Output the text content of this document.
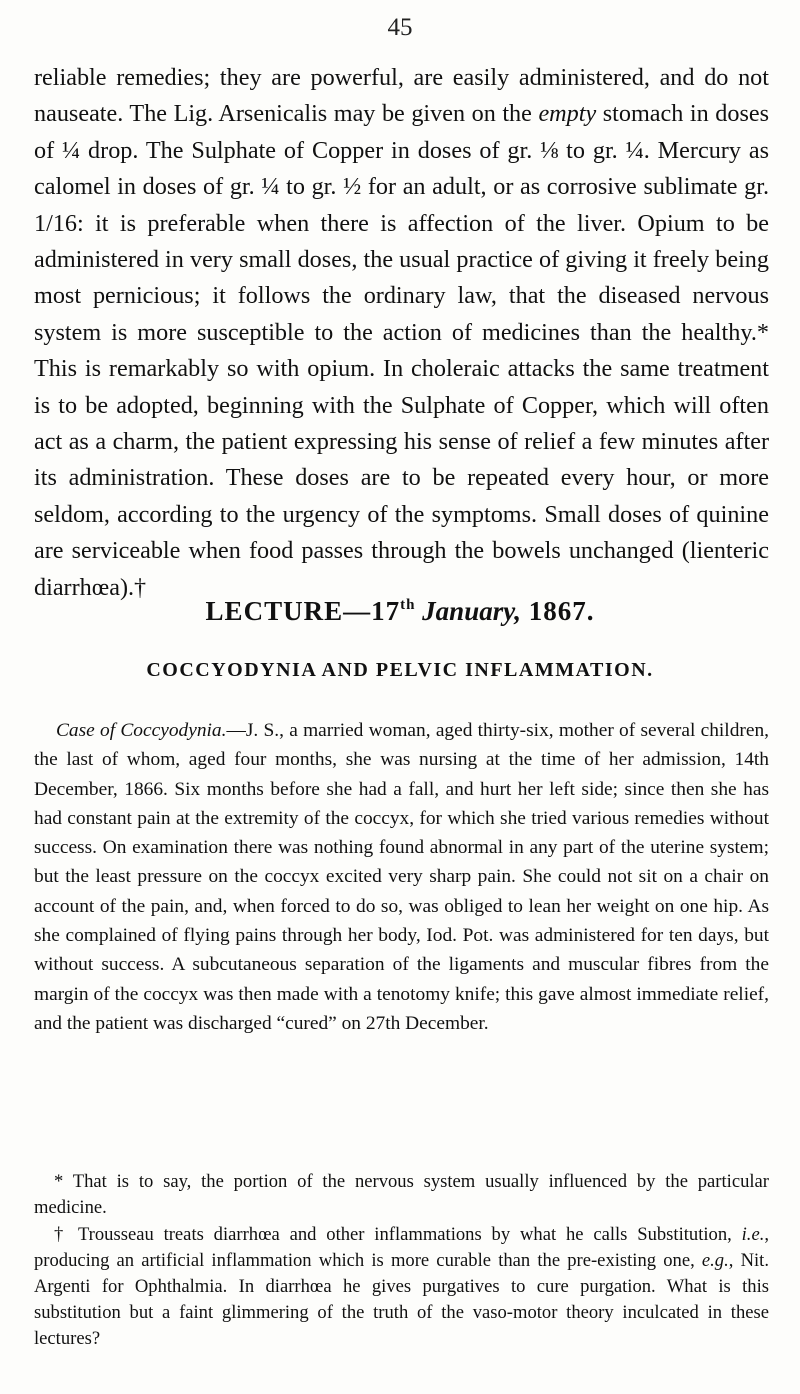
45

reliable remedies; they are powerful, are easily administered, and do not nauseate. The Lig. Arsenicalis may be given on the empty stomach in doses of ¼ drop. The Sulphate of Copper in doses of gr. ⅛ to gr. ¼. Mercury as calomel in doses of gr. ¼ to gr. ½ for an adult, or as corrosive sublimate gr. 1/16: it is preferable when there is affection of the liver. Opium to be administered in very small doses, the usual practice of giving it freely being most pernicious; it follows the ordinary law, that the diseased nervous system is more susceptible to the action of medicines than the healthy.* This is remarkably so with opium. In choleraic attacks the same treatment is to be adopted, beginning with the Sulphate of Copper, which will often act as a charm, the patient expressing his sense of relief a few minutes after its administration. These doses are to be repeated every hour, or more seldom, according to the urgency of the symptoms. Small doses of quinine are serviceable when food passes through the bowels unchanged (lienteric diarrhœa).†

LECTURE—17th January, 1867.
COCCYODYNIA AND PELVIC INFLAMMATION.

Case of Coccyodynia.—J. S., a married woman, aged thirty-six, mother of several children, the last of whom, aged four months, she was nursing at the time of her admission, 14th December, 1866. Six months before she had a fall, and hurt her left side; since then she has had constant pain at the extremity of the coccyx, for which she tried various remedies without success. On examination there was nothing found abnormal in any part of the uterine system; but the least pressure on the coccyx excited very sharp pain. She could not sit on a chair on account of the pain, and, when forced to do so, was obliged to lean her weight on one hip. As she complained of flying pains through her body, Iod. Pot. was administered for ten days, but without success. A subcutaneous separation of the ligaments and muscular fibres from the margin of the coccyx was then made with a tenotomy knife; this gave almost immediate relief, and the patient was discharged “cured” on 27th December.

* That is to say, the portion of the nervous system usually influenced by the particular medicine.

† Trousseau treats diarrhœa and other inflammations by what he calls Substitution, i.e., producing an artificial inflammation which is more curable than the pre-existing one, e.g., Nit. Argenti for Ophthalmia. In diarrhœa he gives purgatives to cure purgation. What is this substitution but a faint glimmering of the truth of the vaso-motor theory inculcated in these lectures?
